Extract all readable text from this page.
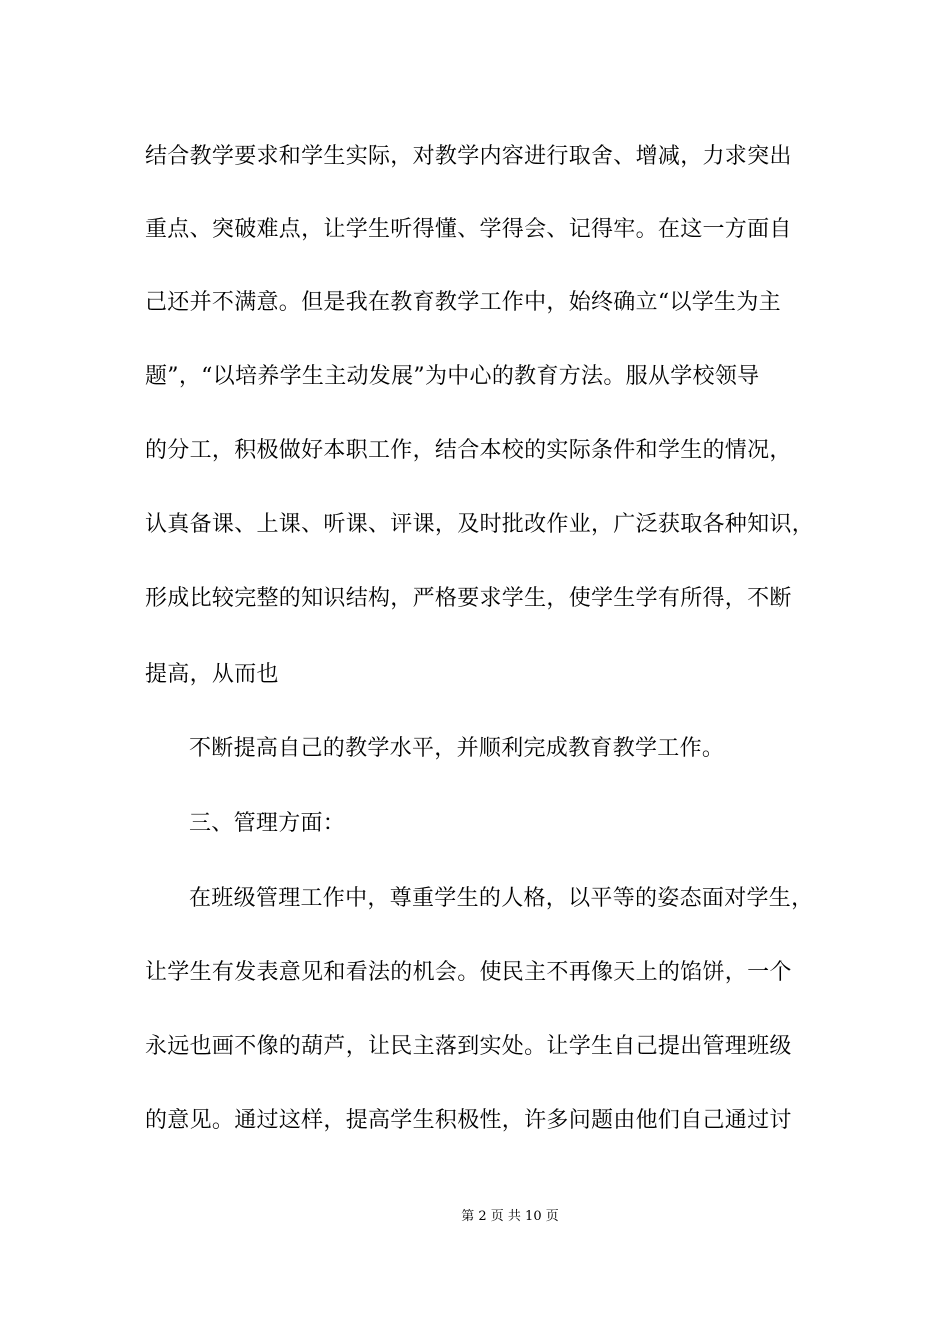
结合教学要求和学生实际，对教学内容进行取舍、增减，力求突出
重点、突破难点，让学生听得懂、学得会、记得牢。在这一方面自
己还并不满意。但是我在教育教学工作中，始终确立“以学生为主
题”，“以培养学生主动发展”为中心的教育方法。服从学校领导
的分工，积极做好本职工作，结合本校的实际条件和学生的情况，
认真备课、上课、听课、评课，及时批改作业，广泛获取各种知识，
形成比较完整的知识结构，严格要求学生，使学生学有所得，不断
提高，从而也
不断提高自己的教学水平，并顺利完成教育教学工作。
三、管理方面：
在班级管理工作中，尊重学生的人格，以平等的姿态面对学生，
让学生有发表意见和看法的机会。使民主不再像天上的馅饼，一个
永远也画不像的葫芦，让民主落到实处。让学生自己提出管理班级
的意见。通过这样，提高学生积极性，许多问题由他们自己通过讨
第 2 页 共 10 页
